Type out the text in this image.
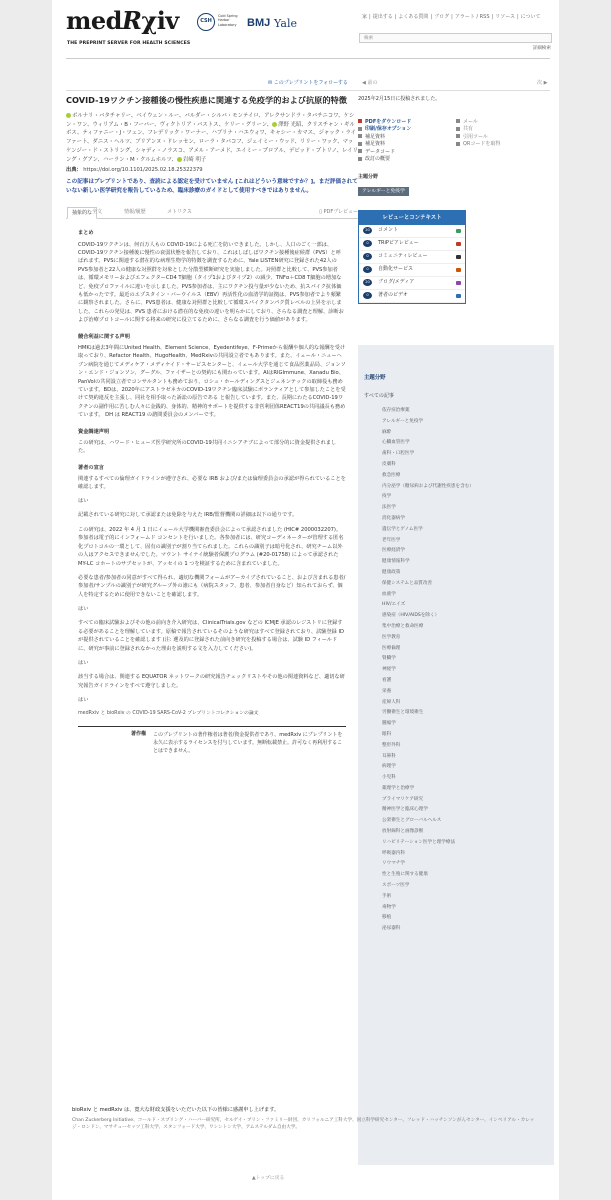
medRχiv
THE PREPRINT SERVER FOR HEALTH SCIENCES
CSH
Cold Spring Harbor Laboratory BMJ Yale	家 | 提出する | よくある質問 | ブログ | アラート / RSS | リソース | について
検索
詳細検索
✉ このプレプリントをフォローする	◀ 前の	次 ▶
COVID-19ワクチン接種後の慢性疾患に関連する免疫学的および抗原的特徴
ボルナリ・バタチャリー、ベイウェン・ルー、バルダー・シルバ・モンテイロ、アレクサンドラ・タバチニコワ、ケシン・ワン、ウィリアム・B・フーバー、ヴィクトリア・バストス、ケリー・グリーン、 澤野 光昭、クリスチャン・ギルボス、ティファニー・J・ツェン、フレデリック・ワーナー、ハブリナ・ハエウォワ、キャシー・カマス、ジャック・ライファート、ダニス・ヘルツ、ブリアンヌ・ドレッセン、ローラ・タバコフ、ジェイミー・ウッド、リリー・ワック、マッケンジー・ド・ストリング、シャディ・ノラスコ、アメル・アーメド、エイミー・プロアル、デビッド・プトリノ、レイリング・グアン、ハーラン・M・クルムホルツ、 岩崎 明子
出典： https://doi.org/10.1101/2025.02.18.25322379
この記事はプレプリントであり、査読による認定を受けていません [これはどういう意味ですか？]。まだ評価されていない新しい医学研究を報告しているため、臨床診療のガイドとして使用すべきではありません。
▯ PDFプレビュー
抽象的な 全文	情報/履歴	メトリクス
まとめ
COVID-19ワクチンは、何百万人もの COVID-19による死亡を防いできました。しかし、人口のごく一部は、COVID-19ワクチン接種後に慢性の衰弱状態を報告しており、これはしばしばワクチン接種後症候群（PVS）と呼ばれます。PVSに関連する潜在的な病理生物学的特徴を調査するために、Yale LISTEN研究に登録された42人のPVS参加者と22人の健康な対照群を対象とした分散型横断研究を実施しました。対照群と比較して、PVS参加者は、循環メモリーおよびエフェクターCD4 T細胞（タイプ1およびタイプ2）の減少、TNFα＋CD8 T細胞の増加など、免疫プロファイルに違いを示しました。PVS参加者は、主にワクチン投与量が少ないため、抗スパイク抗体価も低かったです。最近のエプスタイン・バーウイルス（EBV）再活性化の血清学的証拠は、PVS参加者でより頻繁に観察されました。さらに、PVS患者は、健康な対照群と比較して循環スパイクタンパク質レベルの上昇を示しました。これらの発見は、PVS 患者における潜在的な免疫の違いを明らかにしており、さらなる調査と理解、診断および治療プロトコールに関する将来の研究に役立てるために、さらなる調査を行う価値があります。
競合利益に関する声明
HMKは過去3年間にUnited Health、Element Science、Eyedentifeye、F-Primeから報酬や個人的な報酬を受け取っており、Refactor Health、HugoHealth、MedRxivの共同設立者でもあります。また、イェール・ニューヘブン病院を通じてメディケア・メディケイド・サービスセンターと、イェール大学を通じて食品医薬品局、ジョンソン・エンド・ジョンソン、グーグル、ファイザーとの契約にも関わっています。AIはRIGImmune、Xanadu Bio、PanVolの共同設立者でコンサルタントも務めており、ロシュ・ホールディングスとジェネンテックの取締役も務めています。BDは、2020年にアストラゼネカのCOVID-19ワクチン臨床試験にボランティアとして参加したことを受けて契約違反を主張し、同社を相手取った訴訟の原告である と報告しています。また、長期にわたるCOVID-19ワクチンの副作用に苦しむ人々に金銭的、身体的、精神的サポートを提供する非営利団体REACT19の共同議長も務めています。 DH は REACT19 の諮問委員会のメンバーです。
資金調達声明
この研究は、ハワード・ヒューズ医学研究所のCOVID-19共同イニシアチブによって部分的に資金提供されました。
著者の宣言
関連するすべての倫理ガイドラインが遵守され、必要な IRB および/または倫理委員会の承認が得られていることを確認します。
はい
記載されている研究に対して承認または免除を与えた IRB/監督機関の詳細は以下の通りです。
この研究は、2022 年 4 月 1 日にイェール大学機関審査委員会によって承認されました (HIC# 2000032207)。参加者は電子的にインフォームド コンセントを行いました。各参加者には、研究コーディネーターが管理する匿名化プロトコルの一環として、固有の識別子が割り当てられました。これらの識別子は暗号化され、研究チーム以外の人はアクセスできませんでした。マウント サイナイ統験者保護プログラム (#20-01758) によって承認された MY-LC コホートのサブセットが、アッセイの 1 つを検証するために含まれていました。
必要な患者/参加者の同意がすべて得られ、適切な機関フォームがアーカイブされていること、および含まれる患者/参加者/サンプルの識別子が研究グループ外の誰にも（病院スタッフ、患者、参加者自身など）知られておらず、個人を特定するために使用できないことを確認します。
はい
すべての臨床試験およびその他の前向き介入研究は、ClinicalTrials.gov などの ICMJE 承認のレジストリに登録する必要があることを理解しています。原稿で報告されているそのような研究はすべて登録されており、試験登録 ID が提供されていることを確認します (注: 遡及的に登録された前向き研究を投稿する場合は、試験 ID フィールドに、研究が事前に登録されなかった理由を説明する文を入力してください)。
はい
該当する場合は、関連する EQUATOR ネットワークの研究報告チェックリストやその他の関連資料など、適切な研究報告ガイドラインをすべて遵守しました。
はい
medRxiv と bioRxiv の COVID-19 SARS-CoV-2 プレプリントコレクションの論文
著作権	このプレプリントの著作権者は著者/資金提供者であり、medRxiv にプレプリントを永久に表示するライセンスを付与しています。無断転載禁止。許可なく再利用することはできません。
2025年2月15日に投稿されました。
PDFをダウンロード
印刷/保存オプション
補足資料
補足資料
データコード
改訂の概要
メール
共有
引用ツール
QRコードを取得
主題分野
アレルギーと免疫学
レビューとコンテキスト
20	コメント
0	TRiPビアレビュー
0	コミュニティレビュー
0	自動化サービス
20	ブログ/メディア
0	著者のビデオ
主題分野
すべての記事
依存症治療薬
アレルギーと免疫学
麻酔
心臓血管医学
歯科・口腔医学
皮膚科
救急医療
内分泌学（糖尿病および代謝性疾患を含む）
疫学
法医学
消化器病学
遺伝学とゲノム医学
老年医学
医療経済学
健康情報科学
健康政策
保健システムと品質改善
血液学
HIV/エイズ
感染症（HIV/AIDSを除く）
集中治療と救命医療
医学教育
医療倫理
腎臓学
神経学
看護
栄養
産婦人科
労働衛生と環境衛生
腫瘍学
眼科
整形外科
耳鼻科
病理学
小児科
薬理学と治療学
プライマリケア研究
精神医学と臨床心理学
公衆衛生とグローバルヘルス
放射線科と画像診断
リハビリテーション医学と理学療法
呼吸器内科
リウマチ学
性と生殖に関する健康
スポーツ医学
手術
毒物学
移植
泌尿器科
bioRxiv と medRxiv は、寛大な財政支援をいただいた以下の皆様に感謝申し上げます。
Chan Zuckerberg Initiative、コールド・スプリング・ハーバー研究所、セルゲイ・ブリン・ファミリー財団、カリフォルニア工科大学、国立科学研究センター、フレッド・ハッチンソンがんセンター、インペリアル・カレッジ・ロンドン、マサチューセッツ工科大学、スタンフォード大学、ワシントン大学、アムステルダム自由大学。
▲トップに戻る
